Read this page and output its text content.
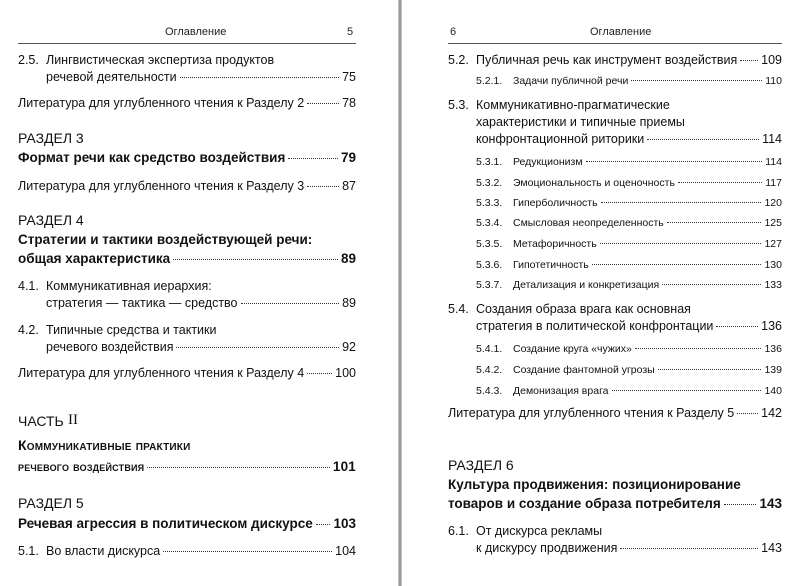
Оглавление	5
2.5. Лингвистическая экспертиза продуктов
речевой деятельности	75
Литература для углубленного чтения к Разделу 2	78
РАЗДЕЛ 3
Формат речи как средство воздействия	79
Литература для углубленного чтения к Разделу 3	87
РАЗДЕЛ 4
Стратегии и тактики воздействующей речи:
общая характеристика	89
4.1. Коммуникативная иерархия:
стратегия — тактика — средство	89
4.2. Типичные средства и тактики
речевого воздействия	92
Литература для углубленного чтения к Разделу 4 100
ЧАСТЬ II
Коммуникативные практики
речевого воздействия	101
РАЗДЕЛ 5
Речевая агрессия в политическом дискурсе 103
5.1. Во власти дискурса	104
6	Оглавление
5.2. Публичная речь как инструмент воздействия 109
5.2.1. Задачи публичной речи	110
5.3. Коммуникативно-прагматические
характеристики и типичные приемы
конфронтационной риторики	114
5.3.1. Редукционизм	114
5.3.2. Эмоциональность и оценочность	117
5.3.3. Гиперболичность	120
5.3.4. Смысловая неопределенность	125
5.3.5. Метафоричность	127
5.3.6. Гипотетичность	130
5.3.7. Детализация и конкретизация	133
5.4. Создания образа врага как основная
стратегия в политической конфронтации	136
5.4.1. Создание круга «чужих»	136
5.4.2. Создание фантомной угрозы	139
5.4.3. Демонизация врага	140
Литература для углубленного чтения к Разделу 5 142
РАЗДЕЛ 6
Культура продвижения: позиционирование
товаров и создание образа потребителя	143
6.1. От дискурса рекламы
к дискурсу продвижения	143
